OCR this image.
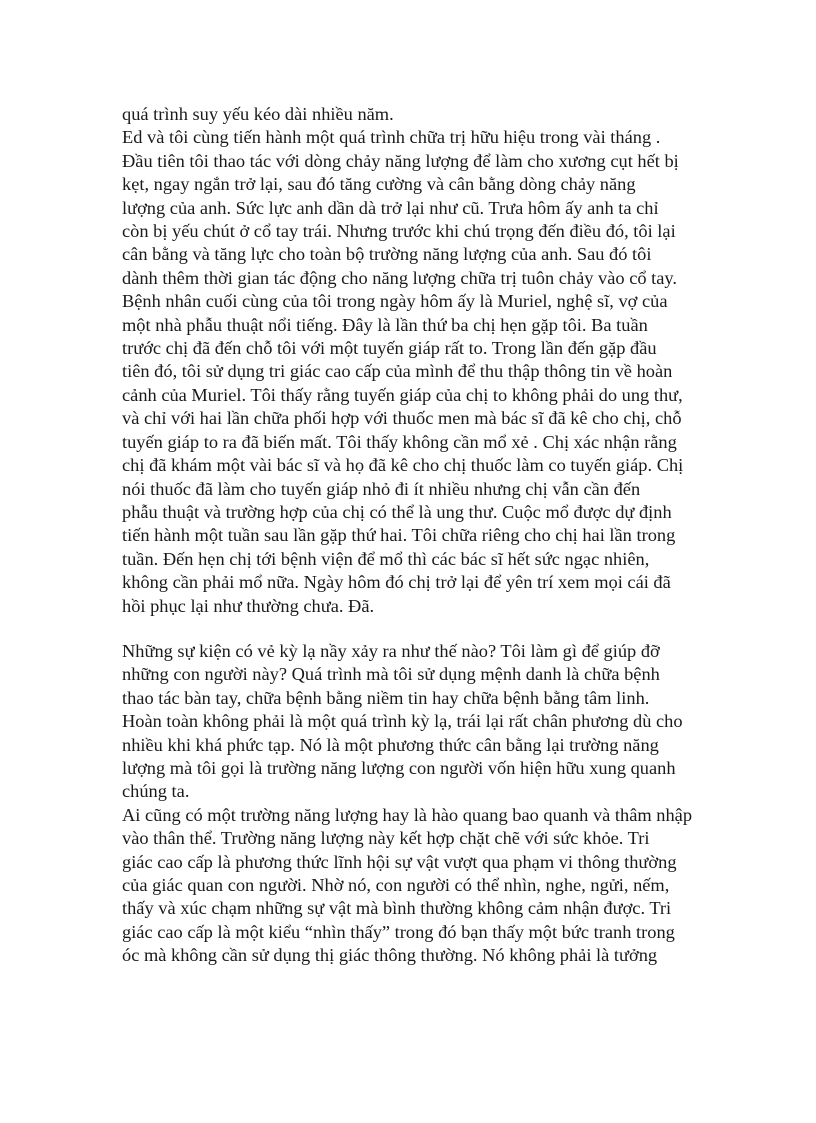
quá trình suy yếu kéo dài nhiều năm.
Ed và tôi cùng tiến hành một quá trình chữa trị hữu hiệu trong vài tháng .
Đầu tiên tôi thao tác với dòng chảy năng lượng để làm cho xương cụt hết bị
kẹt, ngay ngắn trở lại, sau đó tăng cường và cân bằng dòng chảy năng
lượng của anh. Sức lực anh dần dà trở lại như cũ. Trưa hôm ấy anh ta chỉ
còn bị yếu chút ở cổ tay trái. Nhưng trước khi chú trọng đến điều đó, tôi lại
cân bằng và tăng lực cho toàn bộ trường năng lượng của anh. Sau đó tôi
dành thêm thời gian tác động cho năng lượng chữa trị tuôn chảy vào cổ tay.
Bệnh nhân cuối cùng của tôi trong ngày hôm ấy là Muriel, nghệ sĩ, vợ của
một nhà phẫu thuật nổi tiếng. Đây là lần thứ ba chị hẹn gặp tôi. Ba tuần
trước chị đã đến chỗ tôi với một tuyến giáp rất to. Trong lần đến gặp đầu
tiên đó, tôi sử dụng tri giác cao cấp của mình để thu thập thông tin về hoàn
cảnh của Muriel. Tôi thấy rằng tuyến giáp của chị to không phải do ung thư,
và chỉ với hai lần chữa phối hợp với thuốc men mà bác sĩ đã kê cho chị, chỗ
tuyến giáp to ra đã biến mất. Tôi thấy không cần mổ xẻ . Chị xác nhận rằng
chị đã khám một vài bác sĩ và họ đã kê cho chị thuốc làm co tuyến giáp. Chị
nói thuốc đã làm cho tuyến giáp nhỏ đi ít nhiều nhưng chị vẫn cần đến
phẫu thuật và trường hợp của chị có thể là ung thư. Cuộc mổ được dự định
tiến hành một tuần sau lần gặp thứ hai. Tôi chữa riêng cho chị hai lần trong
tuần. Đến hẹn chị tới bệnh viện để mổ thì các bác sĩ hết sức ngạc nhiên,
không cần phải mổ nữa. Ngày hôm đó chị trở lại để yên trí xem mọi cái đã
hồi phục lại như thường chưa. Đã.
Những sự kiện có vẻ kỳ lạ nầy xảy ra như thế nào? Tôi làm gì để giúp đỡ
những con người này? Quá trình mà tôi sử dụng mệnh danh là chữa bệnh
thao tác bàn tay, chữa bệnh bằng niềm tin hay chữa bệnh bằng tâm linh.
Hoàn toàn không phải là một quá trình kỳ lạ, trái lại rất chân phương dù cho
nhiều khi khá phức tạp. Nó là một phương thức cân bằng lại trường năng
lượng mà tôi gọi là trường năng lượng con người vốn hiện hữu xung quanh
chúng ta.
Ai cũng có một trường năng lượng hay là hào quang bao quanh và thâm nhập
vào thân thể. Trường năng lượng này kết hợp chặt chẽ với sức khỏe. Tri
giác cao cấp là phương thức lĩnh hội sự vật vượt qua phạm vi thông thường
của giác quan con người. Nhờ nó, con người có thể nhìn, nghe, ngửi, nếm,
thấy và xúc chạm những sự vật mà bình thường không cảm nhận được. Tri
giác cao cấp là một kiểu “nhìn thấy” trong đó bạn thấy một bức tranh trong
óc mà không cần sử dụng thị giác thông thường. Nó không phải là tưởng
